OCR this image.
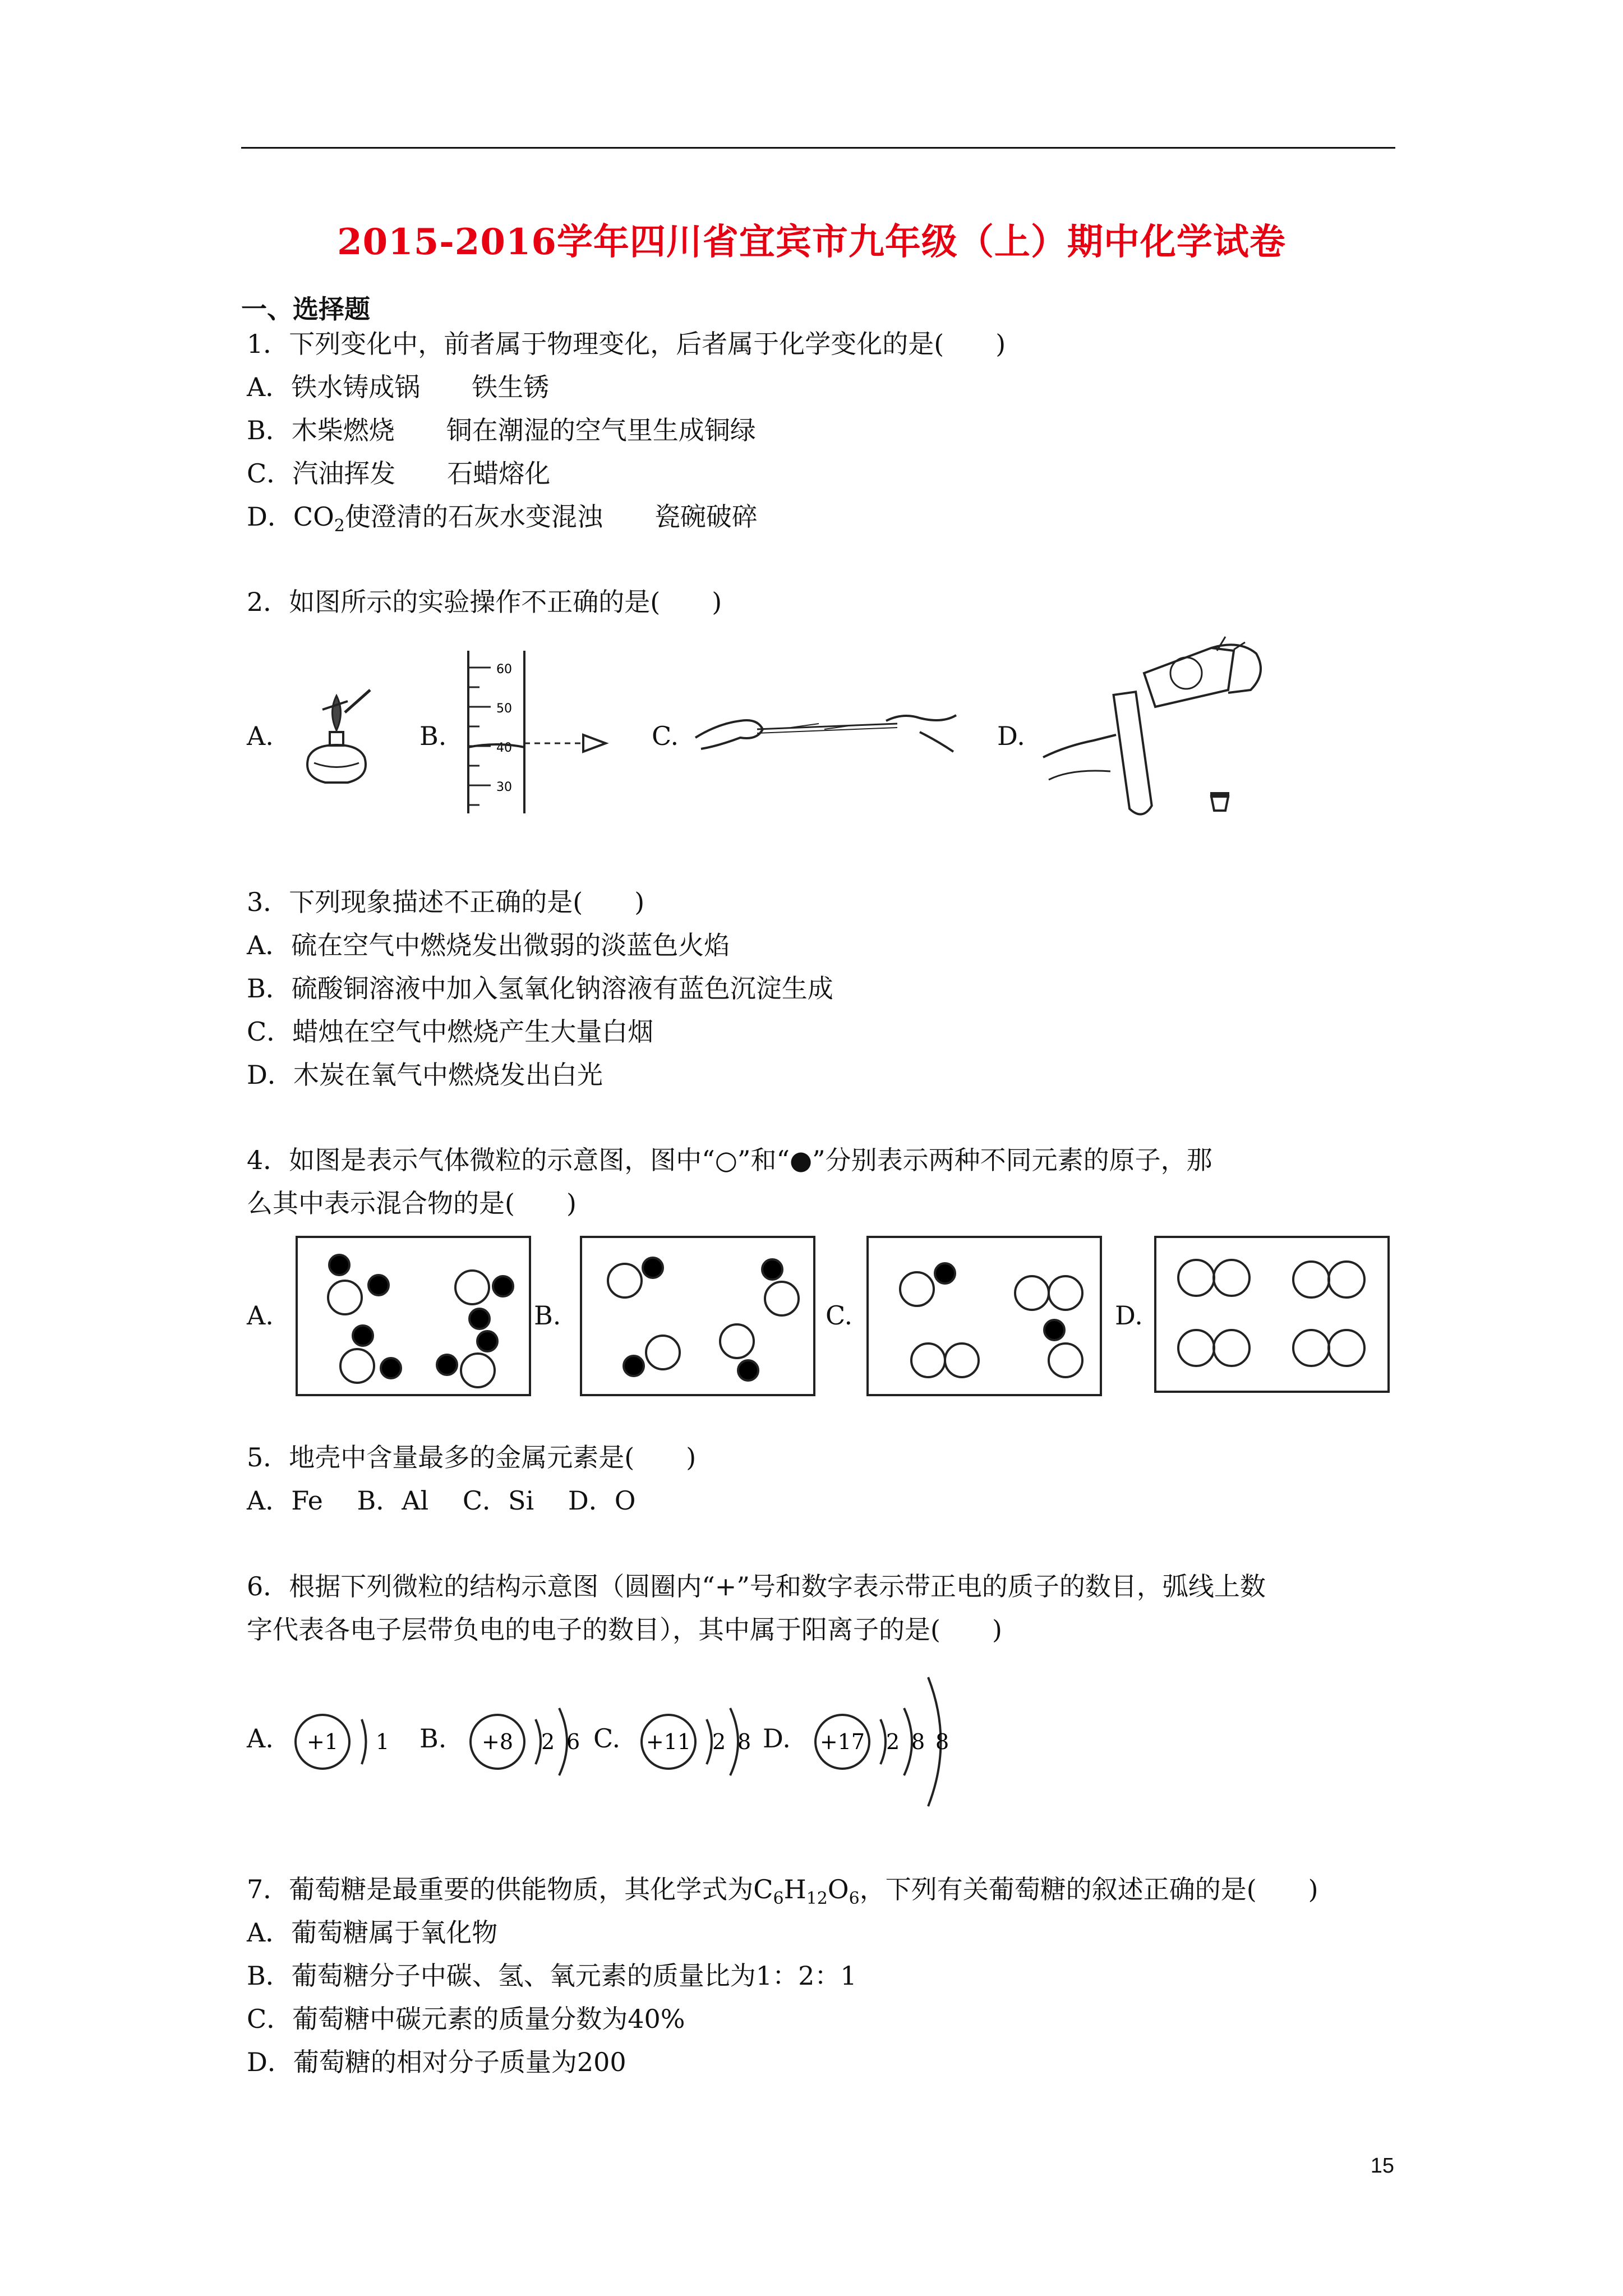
2015-2016学年四川省宜宾市九年级（上）期中化学试卷
一、选择题
1．下列变化中，前者属于物理变化，后者属于化学变化的是(　　)
A．铁水铸成锅　　铁生锈
B．木柴燃烧　　铜在潮湿的空气里生成铜绿
C．汽油挥发　　石蜡熔化
D．$CO_2$使澄清的石灰水变混浊　　瓷碗破碎
2．如图所示的实验操作不正确的是(　　)
A.	B.	C.	D.
60
50
40
30
3．下列现象描述不正确的是(　　)
A．硫在空气中燃烧发出微弱的淡蓝色火焰
B．硫酸铜溶液中加入氢氧化钠溶液有蓝色沉淀生成
C．蜡烛在空气中燃烧产生大量白烟
D．木炭在氧气中燃烧发出白光
4．如图是表示气体微粒的示意图，图中“○”和“●”分别表示两种不同元素的原子，那
么其中表示混合物的是(　　)
A.	B.	C.	D.
5．地壳中含量最多的金属元素是(　　)
A．Fe　 B．Al　 C．Si　 D．O
6．根据下列微粒的结构示意图（圆圈内“+”号和数字表示带正电的质子的数目，弧线上数
字代表各电子层带负电的电子的数目），其中属于阳离子的是(　　)
A.	B.	C.	D.
+1 1	+8 2 6	+11 2 8	+17 2 8 8
7．葡萄糖是最重要的供能物质，其化学式为$C_6H_{12}O_6$，下列有关葡萄糖的叙述正确的是(　　)
A．葡萄糖属于氧化物
B．葡萄糖分子中碳、氢、氧元素的质量比为1：2：1
C．葡萄糖中碳元素的质量分数为40%
D．葡萄糖的相对分子质量为200
15
